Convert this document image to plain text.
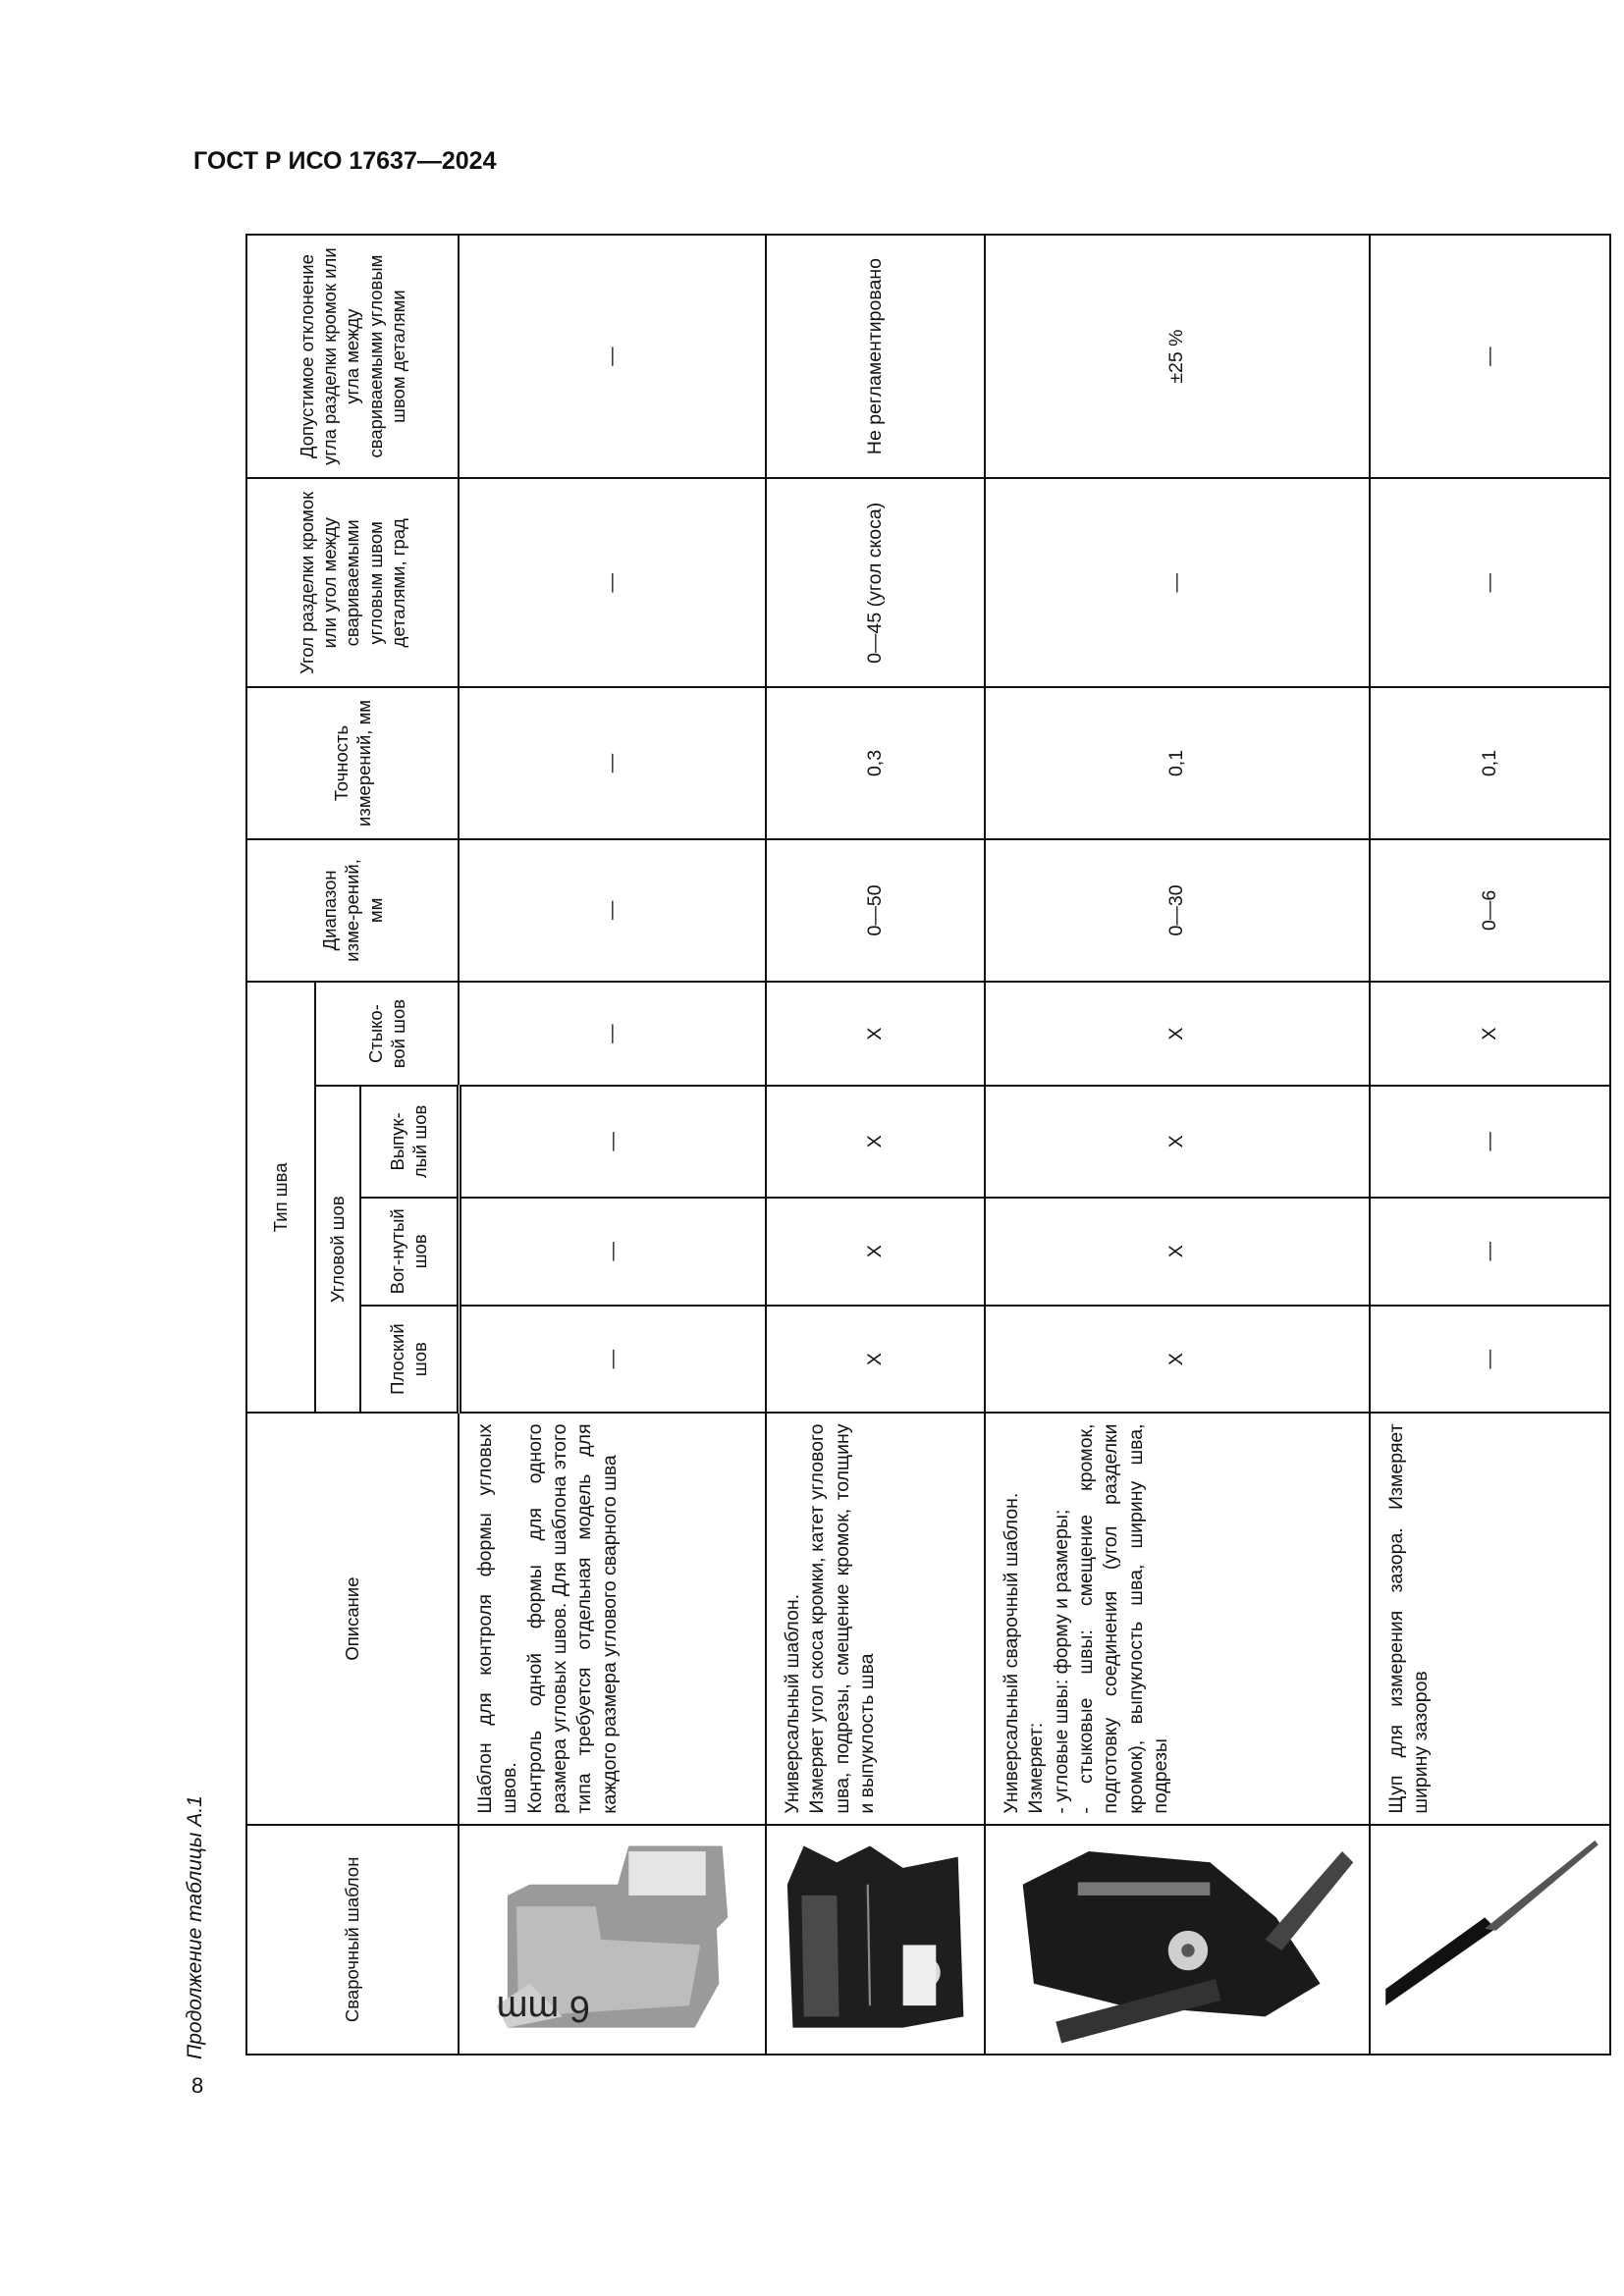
ГОСТ Р ИСО 17637—2024
8
Продолжение таблицы А.1	Сварочный шаблон	Описание	Тип шва				Диапазон изме-рений, мм	Точность измерений, мм	Угол разделки кромок или угол между свариваемыми угловым швом деталями, град	Допустимое отклонение угла разделки кромок или угла между свариваемыми угловым швом деталями
		Угловой шов			Стыко-вой шов				
		Плоский шов	Вог-нутый шов	Выпук-лый шов					

6 mm	Шаблон для контроля формы угловых швов. Контроль одной формы для одного размера угловых швов. Для шаблона этого типа требуется отдельная модель для каждого размера углового сварного шва	—	—	—	—	—	—	—	—

Универсальный шаблон. Измеряет угол скоса кромки, катет углового шва, подрезы, смещение кромок, толщину и выпуклость шва	X	X	X	X	0—50	0,3	0—45 (угол скоса)	Не регламентировано

Универсальный сварочный шаблон. Измеряет: - угловые швы: форму и размеры; - стыковые швы: смещение кромок, подготовку соединения (угол разделки кромок), выпуклость шва, ширину шва, подрезы	X	X	X	X	0—30	0,1	—	±25 %

Щуп для измерения зазора. Измеряет ширину зазоров	—	—	—	X	0—6	0,1	—	—
